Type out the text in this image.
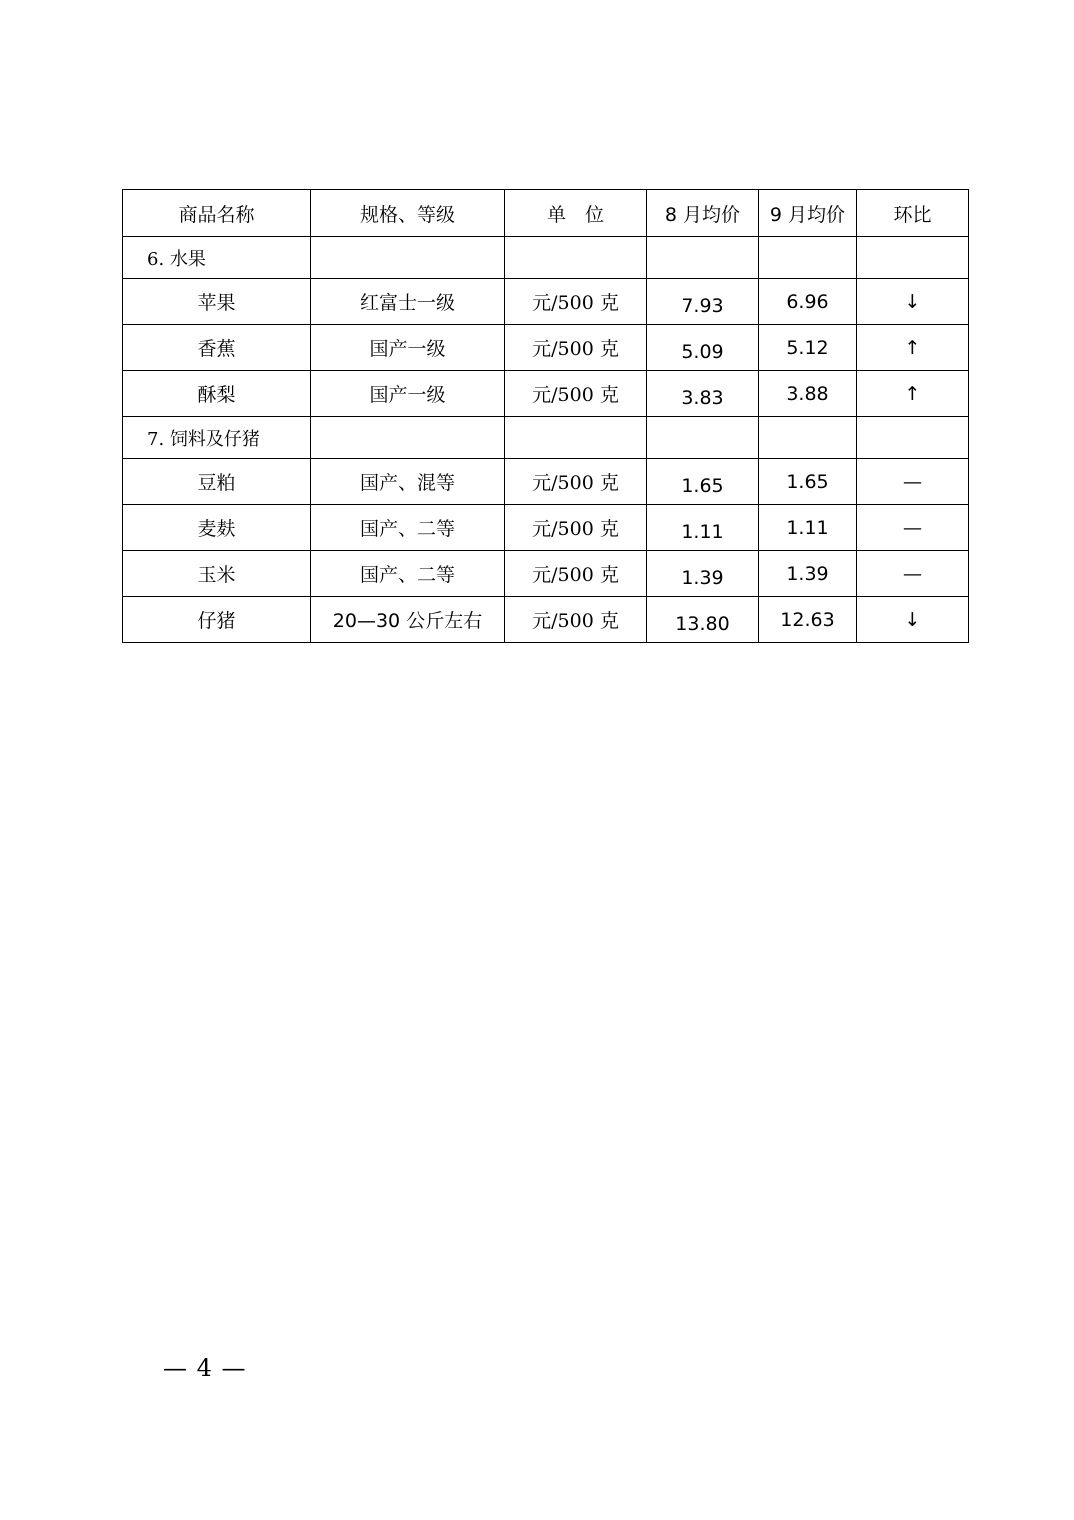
商品名称	规格、等级	单　位	8 月均价	9 月均价	环比
6. 水果					
苹果	红富士一级	元/500 克	7.93	6.96	↓
香蕉	国产一级	元/500 克	5.09	5.12	↑
酥梨	国产一级	元/500 克	3.83	3.88	↑
7. 饲料及仔猪					
豆粕	国产、混等	元/500 克	1.65	1.65	—
麦麸	国产、二等	元/500 克	1.11	1.11	—
玉米	国产、二等	元/500 克	1.39	1.39	—
仔猪	20—30 公斤左右	元/500 克	13.80	12.63	↓
— 4 —
